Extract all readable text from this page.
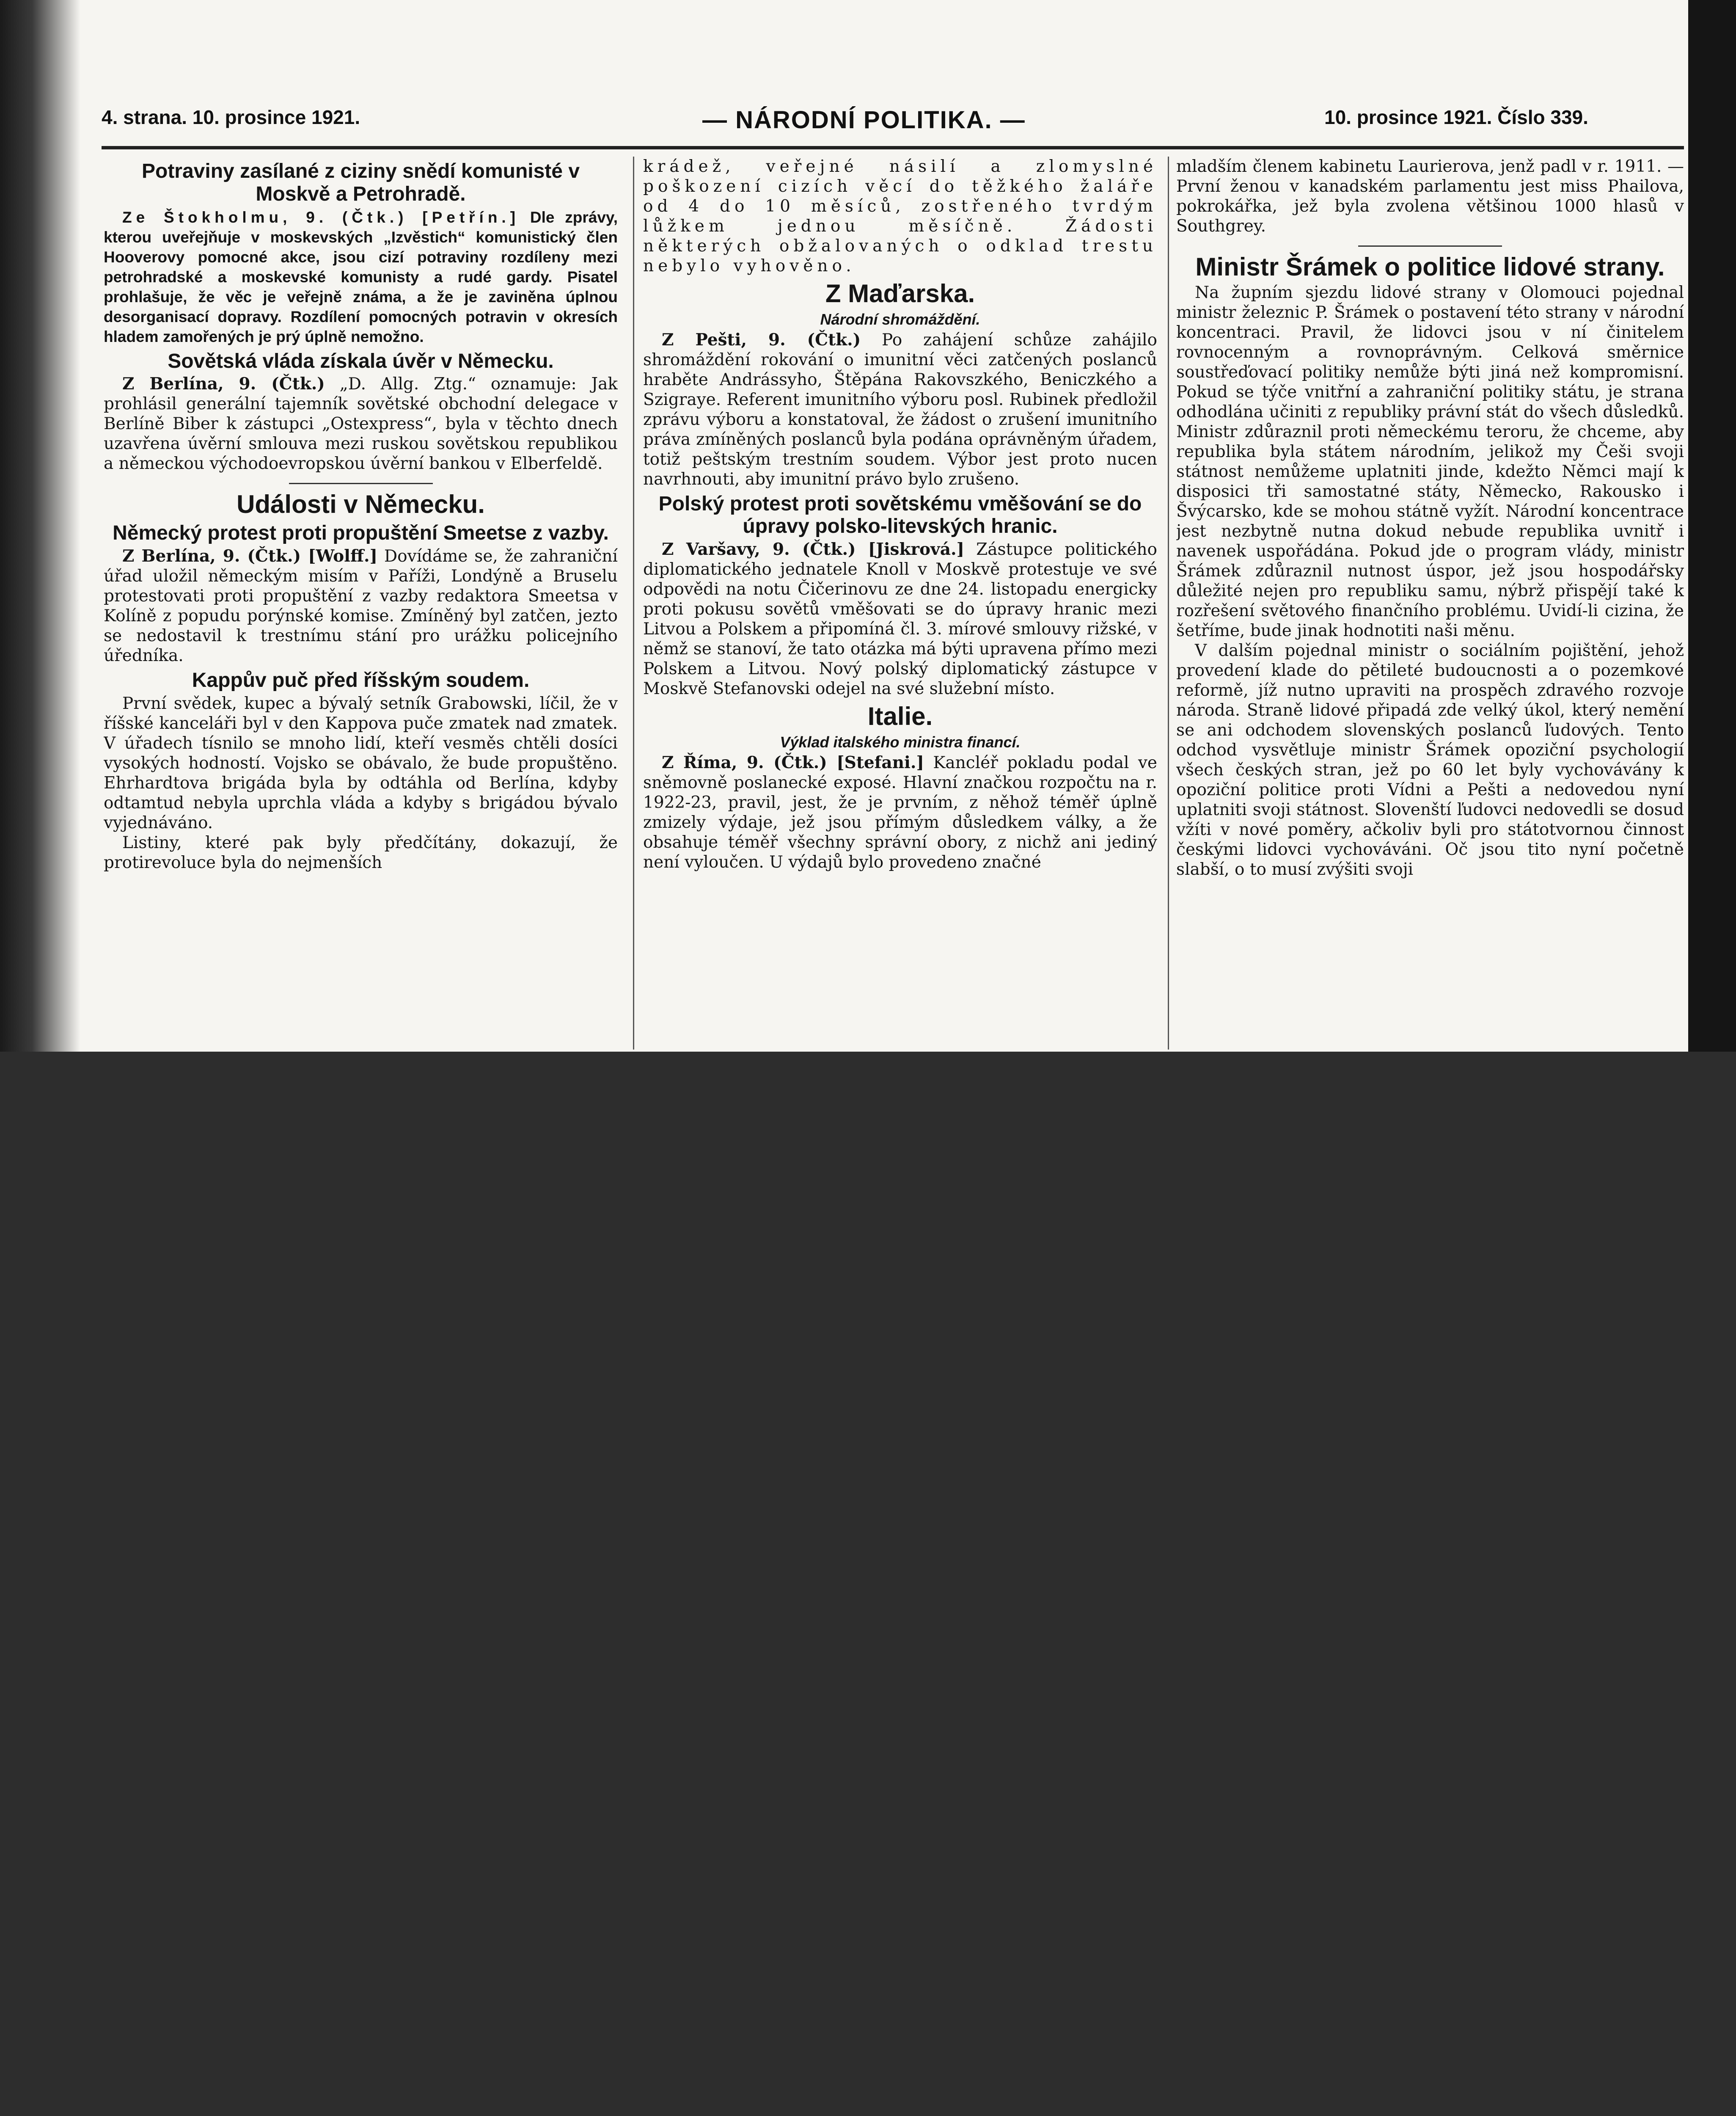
4. strana. 10. prosince 1921.	— NÁRODNÍ POLITIKA. —	10. prosince 1921. Číslo 339.
Potraviny zasílané z ciziny snědí komunisté v Moskvě a Petrohradě.

Ze Štokholmu, 9. (Čtk.) [Petřín.] Dle zprávy, kterou uveřejňuje v moskevských „Izvěstich“ komunistický člen Hooverovy pomocné akce, jsou cizí potraviny rozdíleny mezi petrohradské a moskevské komunisty a rudé gardy. Pisatel prohlašuje, že věc je veřejně známa, a že je zaviněna úplnou desorganisací dopravy. Rozdílení pomocných potravin v okresích hladem zamořených je prý úplně nemožno.

Sovětská vláda získala úvěr v Německu.

Z Berlína, 9. (Čtk.) „D. Allg. Ztg.“ oznamuje: Jak prohlásil generální tajemník sovětské obchodní delegace v Berlíně Biber k zástupci „Ostexpress“, byla v těchto dnech uzavřena úvěrní smlouva mezi ruskou sovětskou republikou a německou východoevropskou úvěrní bankou v Elberfeldě.

Události v Německu.
Německý protest proti propuštění Smeetse z vazby.

Z Berlína, 9. (Čtk.) [Wolff.] Dovídáme se, že zahraniční úřad uložil německým misím v Paříži, Londýně a Bruselu protestovati proti propuštění z vazby redaktora Smeetsa v Kolíně z popudu porýnské komise. Zmíněný byl zatčen, jezto se nedostavil k trestnímu stání pro urážku policejního úředníka.

Kappův puč před říšským soudem.

První svědek, kupec a bývalý setník Grabowski, líčil, že v říšské kanceláři byl v den Kappova puče zmatek nad zmatek. V úřadech tísnilo se mnoho lidí, kteří vesměs chtěli dosíci vysokých hodností. Vojsko se obávalo, že bude propuštěno. Ehrhardtova brigáda byla by odtáhla od Berlína, kdyby odtamtud nebyla uprchla vláda a kdyby s brigádou bývalo vyjednáváno.

Listiny, které pak byly předčítány, dokazují, že protirevoluce byla do nejmenších

krádež, veřejné násilí a zlomyslné poškození cizích věcí do těžkého žaláře od 4 do 10 měsíců, zostřeného tvrdým lůžkem jednou měsíčně. Žádosti některých obžalovaných o odklad trestu nebylo vyhověno.

Z Maďarska.
Národní shromáždění.

Z Pešti, 9. (Čtk.) Po zahájení schůze zahájilo shromáždění rokování o imunitní věci zatčených poslanců hraběte Andrássyho, Štěpána Rakovszkého, Beniczkého a Szigraye. Referent imunitního výboru posl. Rubinek předložil zprávu výboru a konstatoval, že žádost o zrušení imunitního práva zmíněných poslanců byla podána oprávněným úřadem, totiž peštským trestním soudem. Výbor jest proto nucen navrhnouti, aby imunitní právo bylo zrušeno.

Polský protest proti sovětskému vměšování se do úpravy polsko-litevských hranic.

Z Varšavy, 9. (Čtk.) [Jiskrová.] Zástupce politického diplomatického jednatele Knoll v Moskvě protestuje ve své odpovědi na notu Čičerinovu ze dne 24. listopadu energicky proti pokusu sovětů vměšovati se do úpravy hranic mezi Litvou a Polskem a připomíná čl. 3. mírové smlouvy rižské, v němž se stanoví, že tato otázka má býti upravena přímo mezi Polskem a Litvou. Nový polský diplomatický zástupce v Moskvě Stefanovski odejel na své služební místo.

Italie.
Výklad italského ministra financí.

Z Říma, 9. (Čtk.) [Stefani.] Kancléř pokladu podal ve sněmovně poslanecké exposé. Hlavní značkou rozpočtu na r. 1922-23, pravil, jest, že je prvním, z něhož téměř úplně zmizely výdaje, jež jsou přímým důsledkem války, a že obsahuje téměř všechny správní obory, z nichž ani jediný není vyloučen. U výdajů bylo provedeno značné

mladším členem kabinetu Laurierova, jenž padl v r. 1911. — První ženou v kanadském parlamentu jest miss Phailova, pokrokářka, jež byla zvolena většinou 1000 hlasů v Southgrey.

Ministr Šrámek o politice lidové strany.

Na župním sjezdu lidové strany v Olomouci pojednal ministr železnic P. Šrámek o postavení této strany v národní koncentraci. Pravil, že lidovci jsou v ní činitelem rovnocenným a rovnoprávným. Celková směrnice soustřeďovací politiky nemůže býti jiná než kompromisní. Pokud se týče vnitřní a zahraniční politiky státu, je strana odhodlána učiniti z republiky právní stát do všech důsledků. Ministr zdůraznil proti německému teroru, že chceme, aby republika byla státem národním, jelikož my Češi svoji státnost nemůžeme uplatniti jinde, kdežto Němci mají k disposici tři samostatné státy, Německo, Rakousko i Švýcarsko, kde se mohou státně vyžít. Národní koncentrace jest nezbytně nutna dokud nebude republika uvnitř i navenek uspořádána. Pokud jde o program vlády, ministr Šrámek zdůraznil nutnost úspor, jež jsou hospodářsky důležité nejen pro republiku samu, nýbrž přispějí také k rozřešení světového finančního problému. Uvidí-li cizina, že šetříme, bude jinak hodnotiti naši měnu.

V dalším pojednal ministr o sociálním pojištění, jehož provedení klade do pětileté budoucnosti a o pozemkové reformě, jíž nutno upraviti na prospěch zdravého rozvoje národa. Straně lidové připadá zde velký úkol, který nemění se ani odchodem slovenských poslanců ľudových. Tento odchod vysvětluje ministr Šrámek opoziční psychologií všech českých stran, jež po 60 let byly vychovávány k opoziční politice proti Vídni a Pešti a nedovedou nyní uplatniti svoji státnost. Slovenští ľudovci nedovedli se dosud vžíti v nové poměry, ačkoliv byli pro státotvornou činnost českými lidovci vychováváni. Oč jsou tito nyní početně slabší, o to musí zvýšiti svoji
